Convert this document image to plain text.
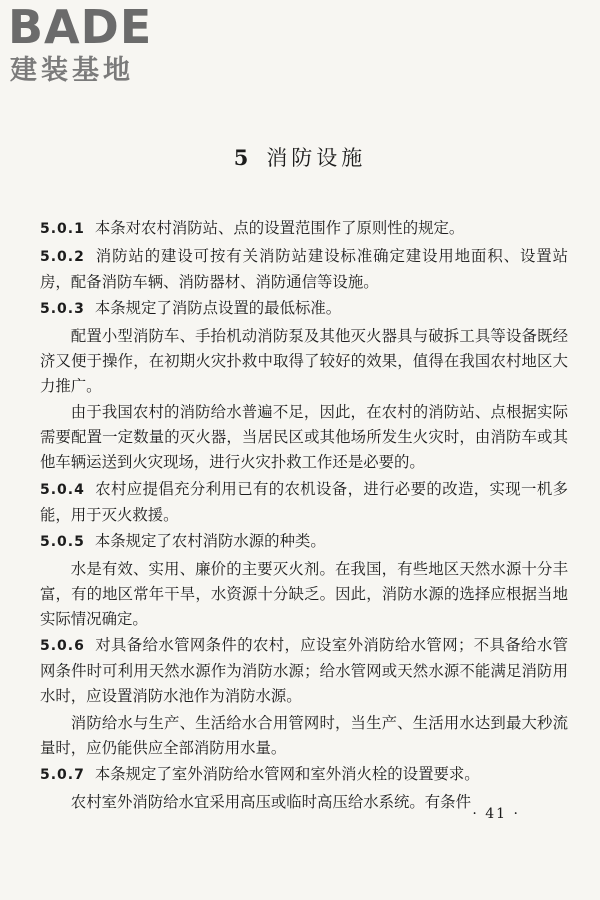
BADE
建装基地
5 消防设施

5.0.1 本条对农村消防站、点的设置范围作了原则性的规定。

5.0.2 消防站的建设可按有关消防站建设标准确定建设用地面积、设置站房，配备消防车辆、消防器材、消防通信等设施。

5.0.3 本条规定了消防点设置的最低标准。

配置小型消防车、手抬机动消防泵及其他灭火器具与破拆工具等设备既经济又便于操作，在初期火灾扑救中取得了较好的效果，值得在我国农村地区大力推广。

由于我国农村的消防给水普遍不足，因此，在农村的消防站、点根据实际需要配置一定数量的灭火器，当居民区或其他场所发生火灾时，由消防车或其他车辆运送到火灾现场，进行火灾扑救工作还是必要的。

5.0.4 农村应提倡充分利用已有的农机设备，进行必要的改造，实现一机多能，用于灭火救援。

5.0.5 本条规定了农村消防水源的种类。

水是有效、实用、廉价的主要灭火剂。在我国，有些地区天然水源十分丰富，有的地区常年干旱，水资源十分缺乏。因此，消防水源的选择应根据当地实际情况确定。

5.0.6 对具备给水管网条件的农村，应设室外消防给水管网；不具备给水管网条件时可利用天然水源作为消防水源；给水管网或天然水源不能满足消防用水时，应设置消防水池作为消防水源。

消防给水与生产、生活给水合用管网时，当生产、生活用水达到最大秒流量时，应仍能供应全部消防用水量。

5.0.7 本条规定了室外消防给水管网和室外消火栓的设置要求。

农村室外消防给水宜采用高压或临时高压给水系统。有条件

· 41 ·
